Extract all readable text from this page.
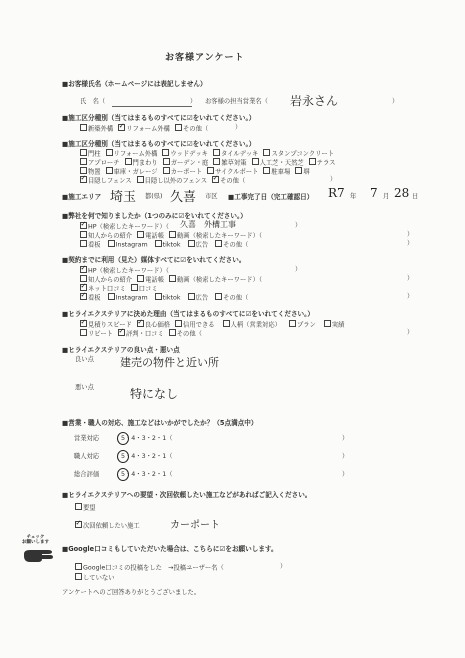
お客様アンケート
■お客様氏名（ホームページには表記しません）
氏　名（	） お客様の担当営業名（ 岩永さん	）
■施工区分種別（当てはまるものすべてに☑をいれてください。）
新築外構 ✓ リフォーム外構 その他（	）
■施工区分種別（当てはまるものすべてに☑をいれてください。）
門柱 リフォーム外構 ウッドデッキ タイルデッキ スタンプコンクリート
アプローチ 門まわり ガーデン・庭 雑草対策 人工芝・天然芝 テラス
物置 車庫・ガレージ カーポート サイクルポート 駐車場 塀
✓目隠しフェンス 目隠し以外のフェンス ✓ その他（	）
■施工エリア 埼玉 都(県) 久喜 市区 ■工事完了日（完工確認日） R7 年 7 月 28 日
■弊社を何で知りましたか（1つのみに☑をいれてください。）
✓HP（検索したキーワード）（ 久喜　外構工事	）
知人からの紹介 電話帳 動画（検索したキーワード）（	）
看板 Instagram tiktok 広告 その他（	）
■契約までに利用（見た）媒体すべてに☑をいれてください。
✓HP（検索したキーワード）（	）
知人からの紹介 電話帳 動画（検索したキーワード）（	）
✓ネット口コミ 口コミ
✓看板 Instagram tiktok 広告 その他（	）
■ヒライエクステリアに決めた理由（当てはまるものすべてに☑をいれてください。）
✓見積りスピード ✓ 良心価格 信用できる	人柄（営業対応）	プラン	実績
リピート ✓ 評判・口コミ その他（	）
■ヒライエクステリアの良い点・悪い点
良い点 建売の物件と近い所
悪い点	特になし
■営業・職人の対応、施工などはいかがでしたか？（5点満点中）
営業対応	5・4・3・2・1（	）
職人対応	5・4・3・2・1（	）
総合評価	5・4・3・2・1（	）
■ヒライエクステリアへの要望・次回依頼したい施工などがあればご記入ください。
要望
✓次回依頼したい施工	カーポート
チェック
お願いします
■Google口コミもしていただいた場合は、こちらに☑をお願いします。
Google口コミの投稿をした　→投稿ユーザー名（	）
していない
アンケートへのご回答ありがとうございました。
